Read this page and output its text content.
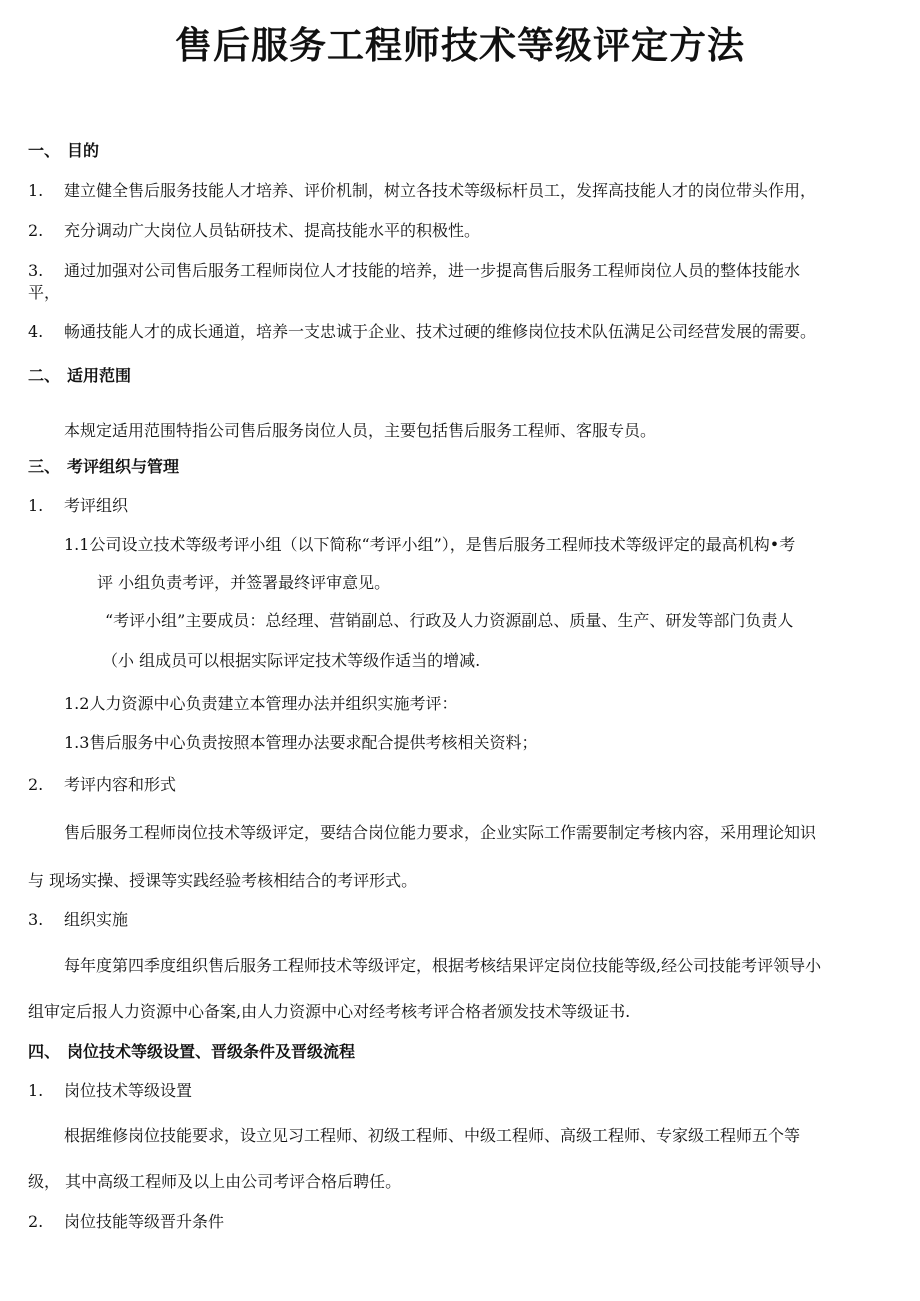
售后服务工程师技术等级评定方法
一、 目的
1. 建立健全售后服务技能人才培养、评价机制，树立各技术等级标杆员工，发挥高技能人才的岗位带头作用，
2. 充分调动广大岗位人员钻研技术、提高技能水平的积极性。
3. 通过加强对公司售后服务工程师岗位人才技能的培养，进一步提高售后服务工程师岗位人员的整体技能水
平，
4. 畅通技能人才的成长通道，培养一支忠诚于企业、技术过硬的维修岗位技术队伍满足公司经营发展的需要。
二、 适用范围
本规定适用范围特指公司售后服务岗位人员，主要包括售后服务工程师、客服专员。
三、 考评组织与管理
1. 考评组织
1.1公司设立技术等级考评小组（以下简称“考评小组”），是售后服务工程师技术等级评定的最高机构•考
评 小组负责考评，并签署最终评审意见。
“考评小组”主要成员：总经理、营销副总、行政及人力资源副总、质量、生产、研发等部门负责人
（小 组成员可以根据实际评定技术等级作适当的增减.
1.2人力资源中心负责建立本管理办法并组织实施考评：
1.3售后服务中心负责按照本管理办法要求配合提供考核相关资料；
2. 考评内容和形式
售后服务工程师岗位技术等级评定，要结合岗位能力要求，企业实际工作需要制定考核内容，采用理论知识
与 现场实操、授课等实践经验考核相结合的考评形式。
3. 组织实施
每年度第四季度组织售后服务工程师技术等级评定，根据考核结果评定岗位技能等级,经公司技能考评领导小
组审定后报人力资源中心备案,由人力资源中心对经考核考评合格者颁发技术等级证书.
四、 岗位技术等级设置、晋级条件及晋级流程
1. 岗位技术等级设置
根据维修岗位技能要求，设立见习工程师、初级工程师、中级工程师、高级工程师、专家级工程师五个等
级， 其中高级工程师及以上由公司考评合格后聘任。
2. 岗位技能等级晋升条件
